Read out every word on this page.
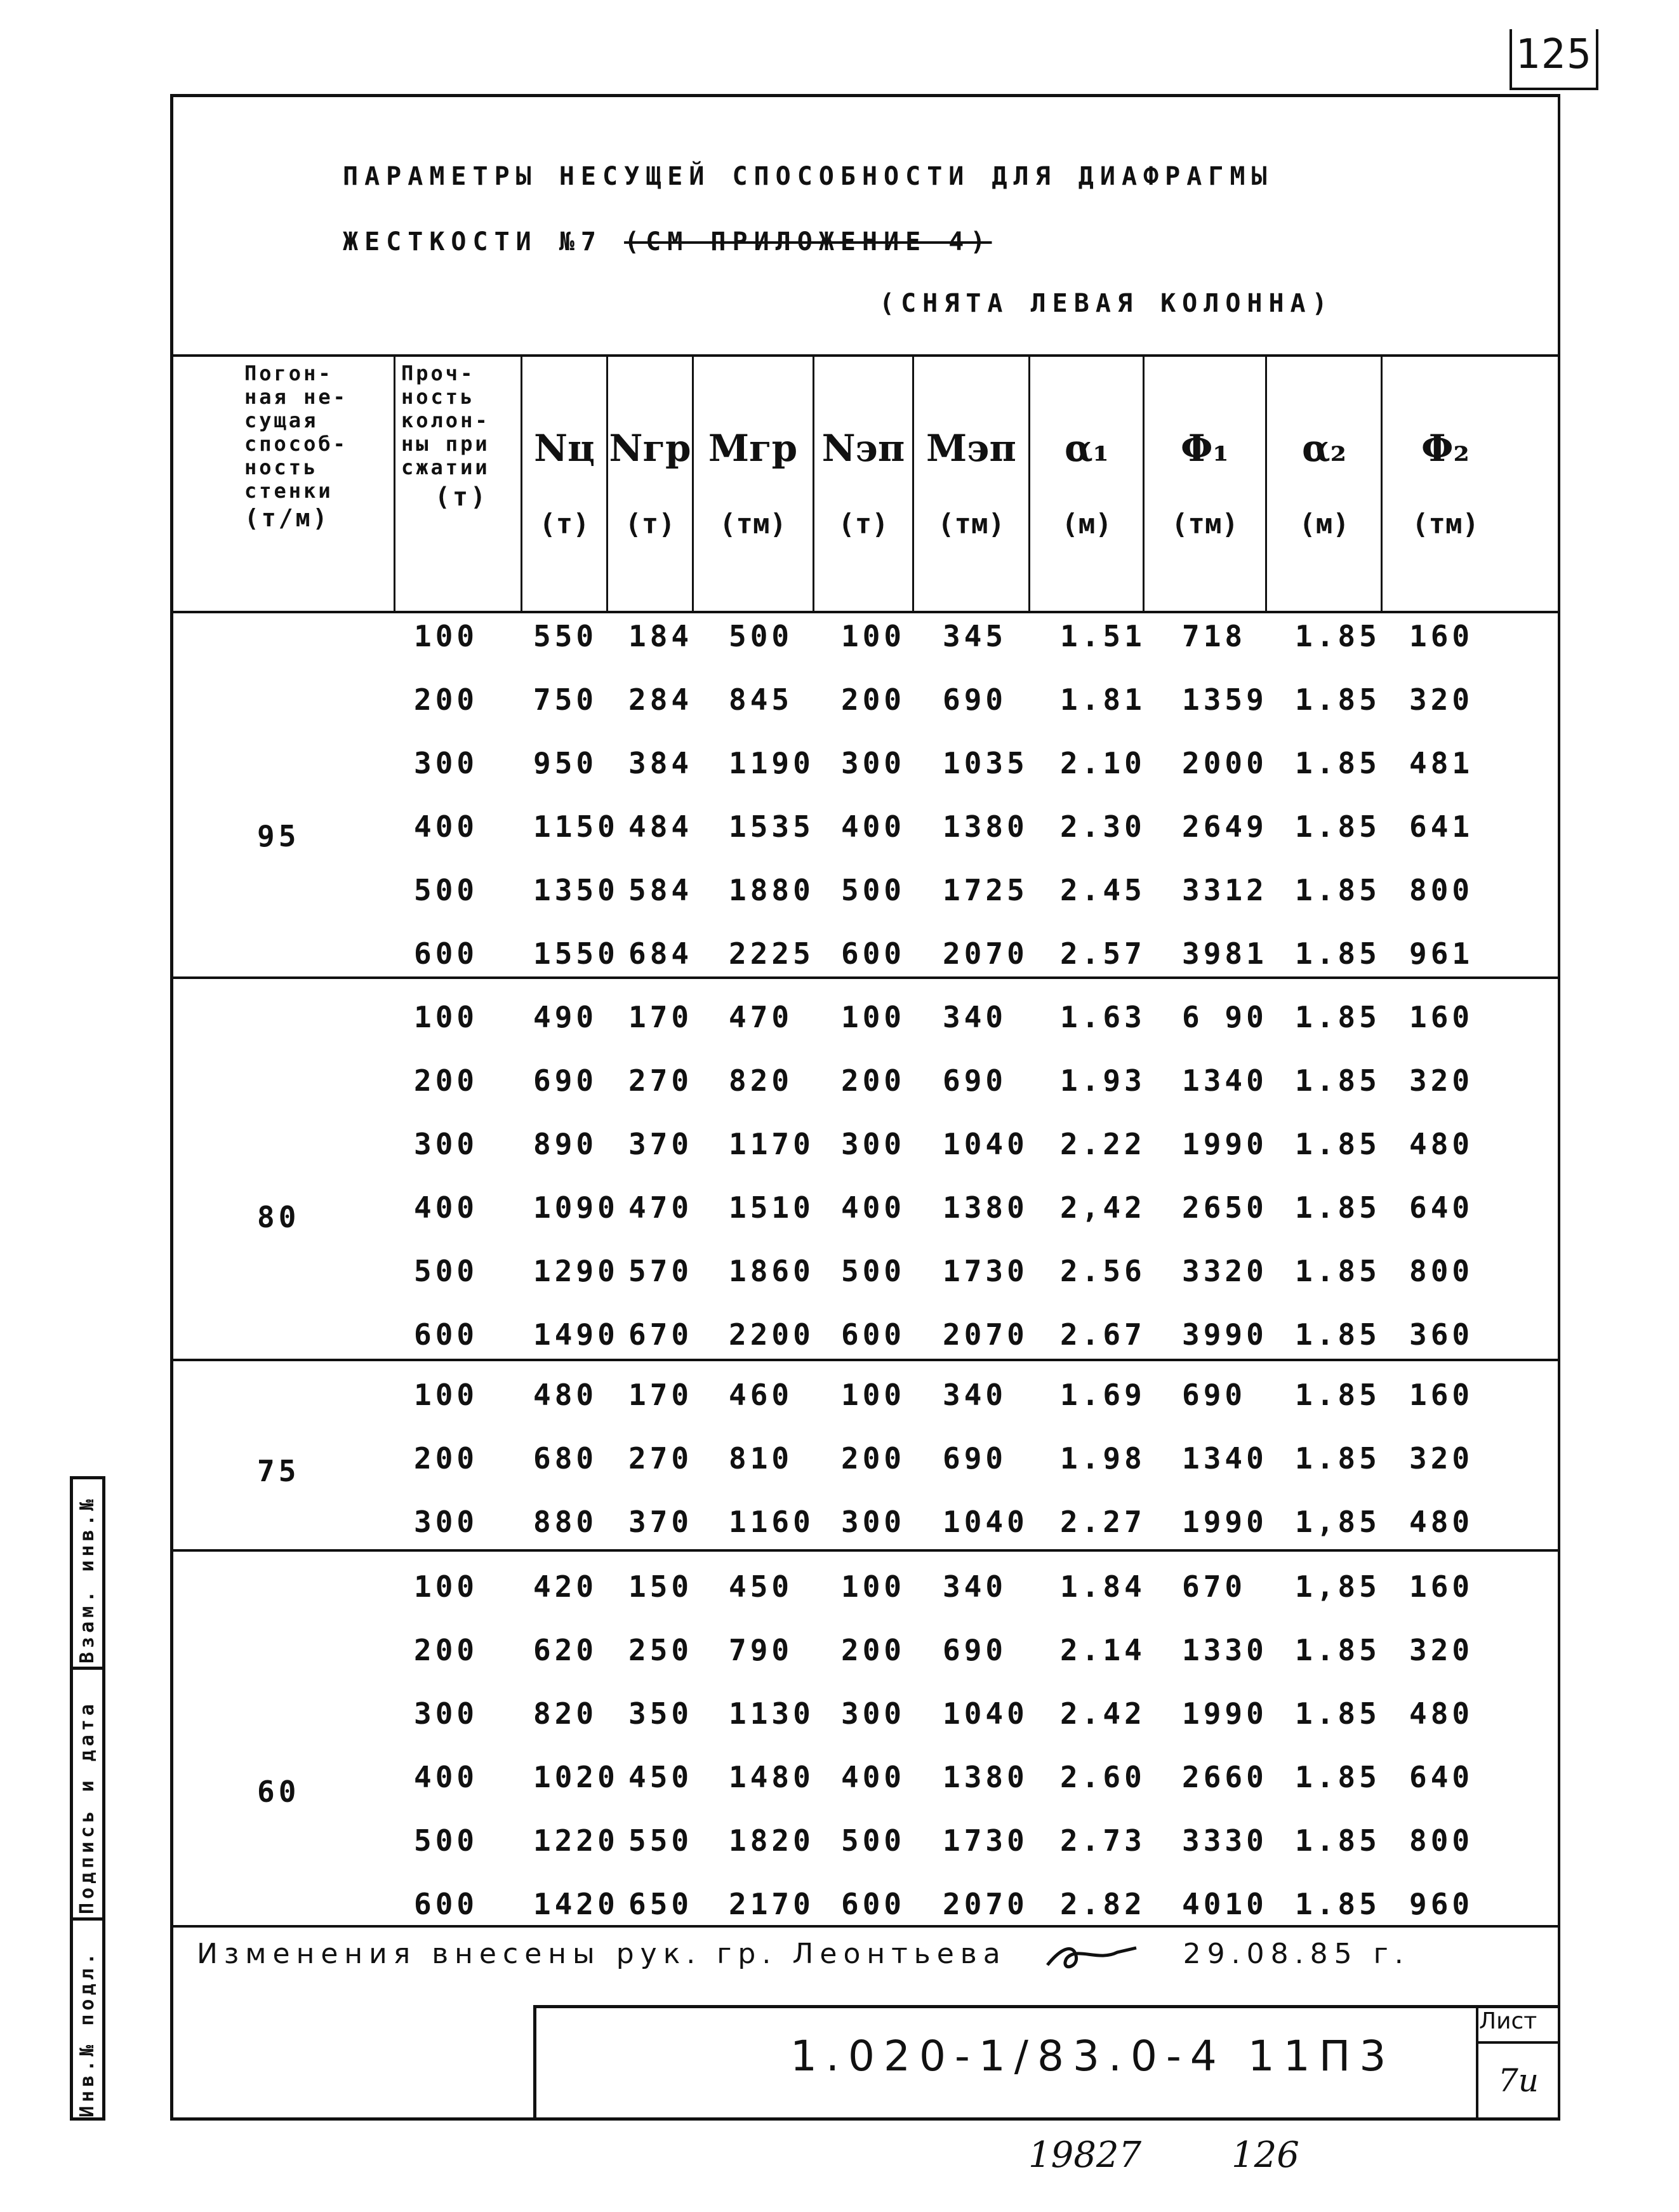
125
ПАРАМЕТРЫ НЕСУЩЕЙ СПОСОБНОСТИ ДЛЯ ДИАФРАГМЫ
ЖЕСТКОСТИ №7 (СМ ПРИЛОЖЕНИЕ 4)
(СНЯТА ЛЕВАЯ КОЛОННА)
Погон-
ная не-
сущая
способ-
ность
стенки
(т/м)
Проч-
ность
колон-
ны при
сжатии
(т)
Nц
(т)
Nгр
(т)
Mгр
(тм)
Nэп
(т)
Mэп
(тм)
α₁
(м)
Φ₁
(тм)
α₂
(м)
Φ₂
(тм)
95
100 550 184 500 100 345 1.51 718 1.85 160
200 750 284 845 200 690 1.81 1359 1.85 320
300 950 384 1190 300 1035 2.10 2000 1.85 481
400 1150 484 1535 400 1380 2.30 2649 1.85 641
500 1350 584 1880 500 1725 2.45 3312 1.85 800
600 1550 684 2225 600 2070 2.57 3981 1.85 961
80
100 490 170 470 100 340 1.63 6 90 1.85 160
200 690 270 820 200 690 1.93 1340 1.85 320
300 890 370 1170 300 1040 2.22 1990 1.85 480
400 1090 470 1510 400 1380 2,42 2650 1.85 640
500 1290 570 1860 500 1730 2.56 3320 1.85 800
600 1490 670 2200 600 2070 2.67 3990 1.85 360
75
100 480 170 460 100 340 1.69 690 1.85 160
200 680 270 810 200 690 1.98 1340 1.85 320
300 880 370 1160 300 1040 2.27 1990 1,85 480
60
100 420 150 450 100 340 1.84 670 1,85 160
200 620 250 790 200 690 2.14 1330 1.85 320
300 820 350 1130 300 1040 2.42 1990 1.85 480
400 1020 450 1480 400 1380 2.60 2660 1.85 640
500 1220 550 1820 500 1730 2.73 3330 1.85 800
600 1420 650 2170 600 2070 2.82 4010 1.85 960
Инв.№ подл.
Подпись и дата
Взам. инв.№
Изменения внесены рук. гр. Леонтьева	29.08.85 г.
1.020-1/83.0-4 11П3
Лист
7и
19827	126
